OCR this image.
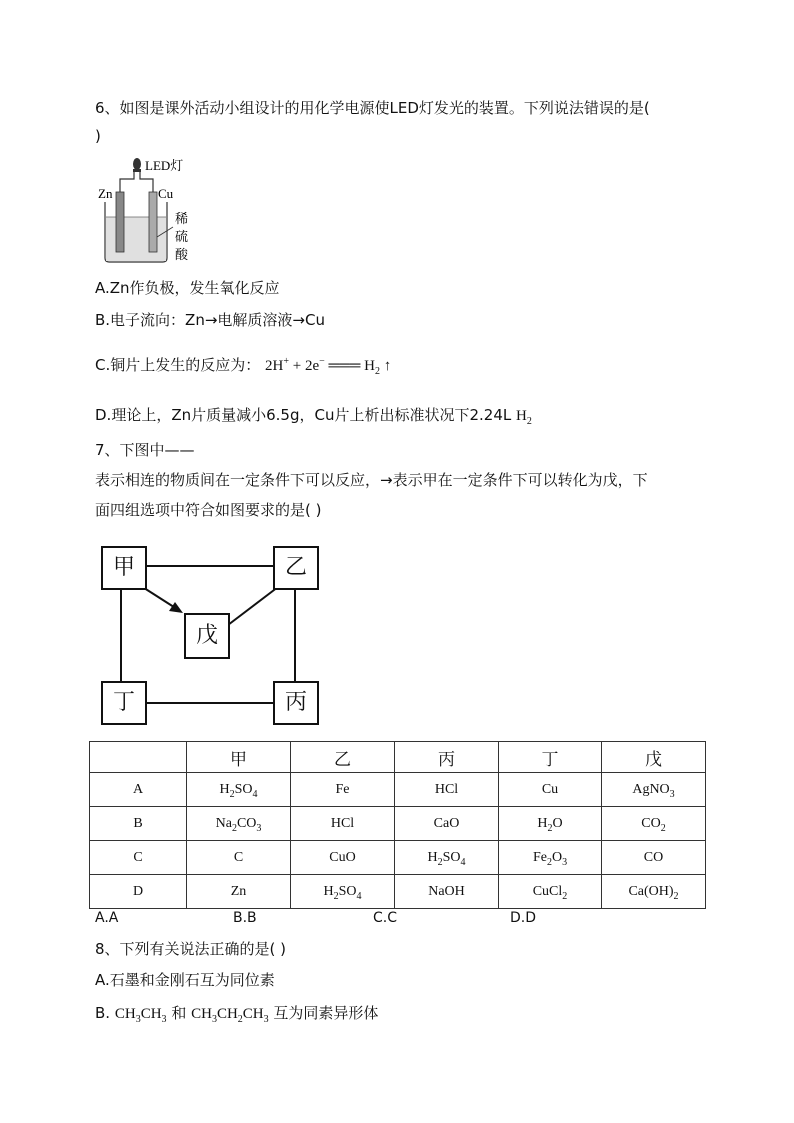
6、如图是课外活动小组设计的用化学电源使LED灯发光的装置。下列说法错误的是(
)
LED灯
Zn	Cu
稀
硫
酸
A.Zn作负极，发生氧化反应
B.电子流向：Zn→电解质溶液→Cu
C.铜片上发生的反应为： 2H+ + 2e− ═══ $H_2$ ↑
D.理论上，Zn片质量减小6.5g，Cu片上析出标准状况下2.24L $H_2$
7、下图中——
表示相连的物质间在一定条件下可以反应，→表示甲在一定条件下可以转化为戊，下
面四组选项中符合如图要求的是( )
甲	乙
戊
丁	丙
	甲	乙	丙	丁	戊
A	$H_2SO_4$	Fe	HCl	Cu	AgNO$_3$
B	$Na_2CO_3$	HCl	CaO	$H_2O$	$CO_2$
C	C	CuO	$H_2SO_4$	$Fe_2O_3$	CO
D	Zn	$H_2SO_4$	NaOH	CuCl$_2$	$Ca(OH)_2$
A.A	B.B	C.C	D.D
8、下列有关说法正确的是( )
A.石墨和金刚石互为同位素
B. $CH_3CH_3$ 和 $CH_3CH_2CH_3$ 互为同素异形体
